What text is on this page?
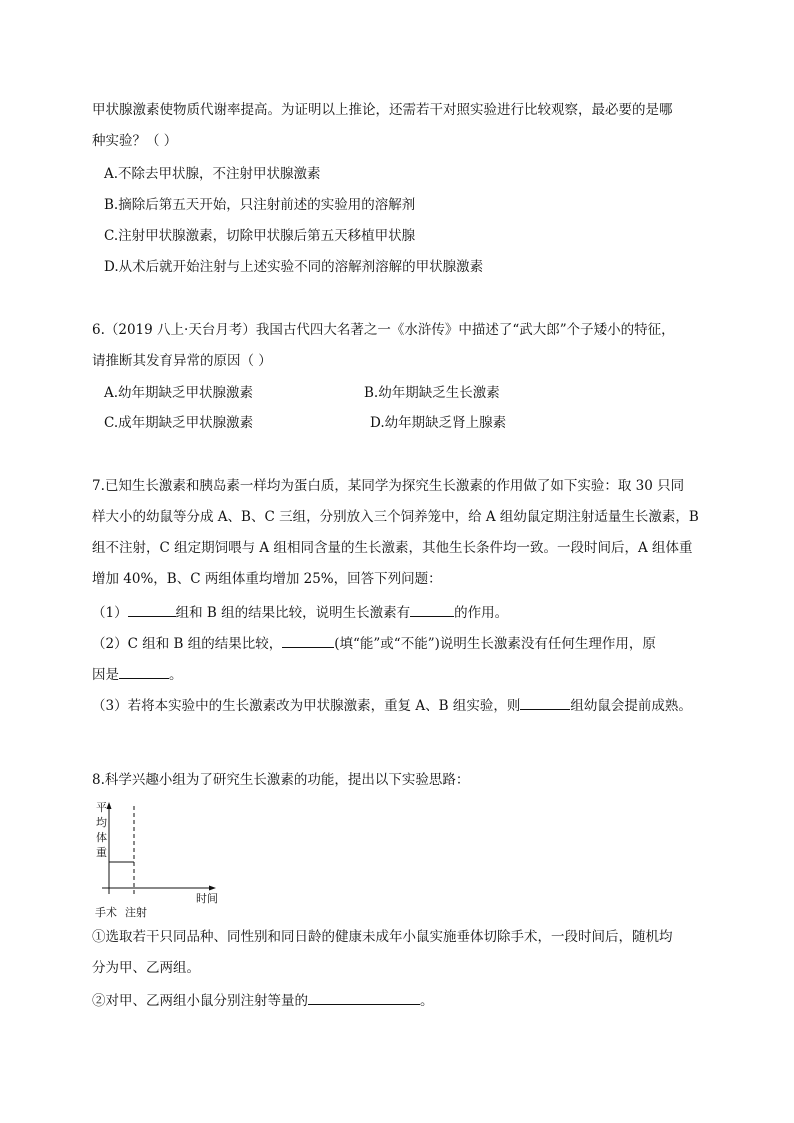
甲状腺激素使物质代谢率提高。为证明以上推论，还需若干对照实验进行比较观察，最必要的是哪
种实验？（ ）
A.不除去甲状腺，不注射甲状腺激素
B.摘除后第五天开始，只注射前述的实验用的溶解剂
C.注射甲状腺激素，切除甲状腺后第五天移植甲状腺
D.从术后就开始注射与上述实验不同的溶解剂溶解的甲状腺激素
6.（2019 八上·天台月考）我国古代四大名著之一《水浒传》中描述了“武大郎”个子矮小的特征，
请推断其发育异常的原因（ ）
A.幼年期缺乏甲状腺激素	B.幼年期缺乏生长激素
C.成年期缺乏甲状腺激素	D.幼年期缺乏肾上腺素
7.已知生长激素和胰岛素一样均为蛋白质，某同学为探究生长激素的作用做了如下实验：取 30 只同
样大小的幼鼠等分成 A、B、C 三组，分别放入三个饲养笼中，给 A 组幼鼠定期注射适量生长激素，B
组不注射，C 组定期饲喂与 A 组相同含量的生长激素，其他生长条件均一致。一段时间后，A 组体重
增加 40%，B、C 两组体重均增加 25%，回答下列问题：
（1）	组和 B 组的结果比较，说明生长激素有	的作用。
（2）C 组和 B 组的结果比较，	(填“能”或“不能”)说明生长激素没有任何生理作用，原
因是	。
（3）若将本实验中的生长激素改为甲状腺激素，重复 A、B 组实验，则	组幼鼠会提前成熟。
8.科学兴趣小组为了研究生长激素的功能，提出以下实验思路：
平
均
体
重
时间
手术 注射
①选取若干只同品种、同性别和同日龄的健康未成年小鼠实施垂体切除手术，一段时间后，随机均
分为甲、乙两组。
②对甲、乙两组小鼠分别注射等量的	。
